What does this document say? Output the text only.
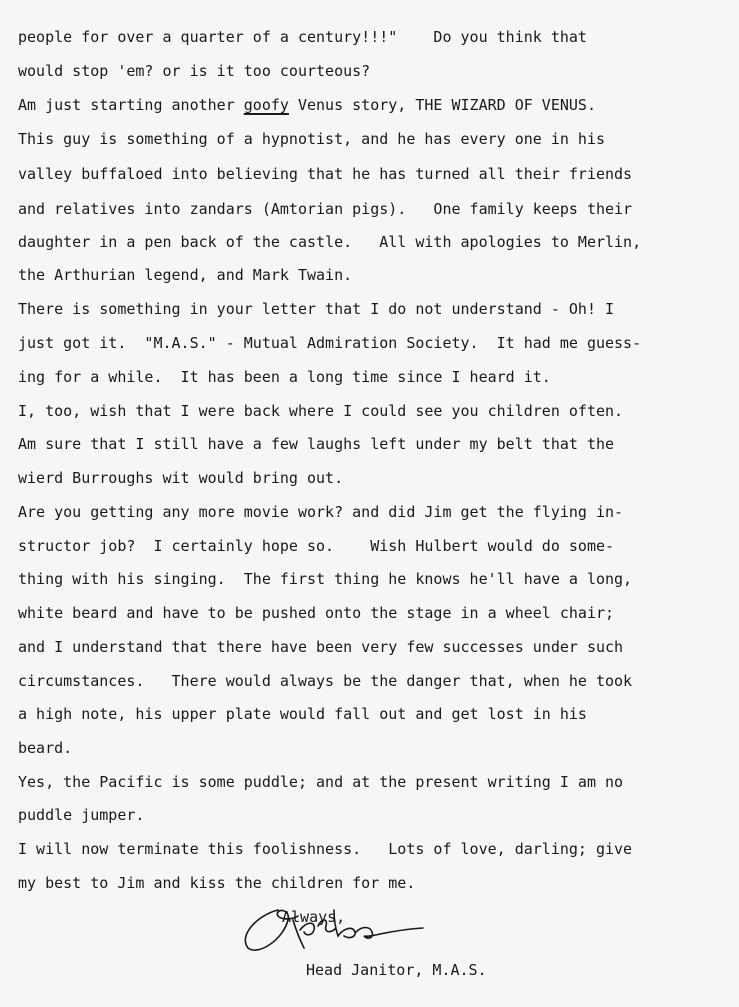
people for over a quarter of a century!!!"    Do you think that
would stop 'em? or is it too courteous?
Am just starting another goofy Venus story, THE WIZARD OF VENUS.
This guy is something of a hypnotist, and he has every one in his
valley buffaloed into believing that he has turned all their friends
and relatives into zandars (Amtorian pigs).   One family keeps their
daughter in a pen back of the castle.   All with apologies to Merlin,
the Arthurian legend, and Mark Twain.
There is something in your letter that I do not understand - Oh! I
just got it.  "M.A.S." - Mutual Admiration Society.  It had me guess-
ing for a while.  It has been a long time since I heard it.
I, too, wish that I were back where I could see you children often.
Am sure that I still have a few laughs left under my belt that the
wierd Burroughs wit would bring out.
Are you getting any more movie work? and did Jim get the flying in-
structor job?  I certainly hope so.    Wish Hulbert would do some-
thing with his singing.  The first thing he knows he'll have a long,
white beard and have to be pushed onto the stage in a wheel chair;
and I understand that there have been very few successes under such
circumstances.   There would always be the danger that, when he took
a high note, his upper plate would fall out and get lost in his
beard.
Yes, the Pacific is some puddle; and at the present writing I am no
puddle jumper.
I will now terminate this foolishness.   Lots of love, darling; give
my best to Jim and kiss the children for me.
Always,
Head Janitor, M.A.S.
